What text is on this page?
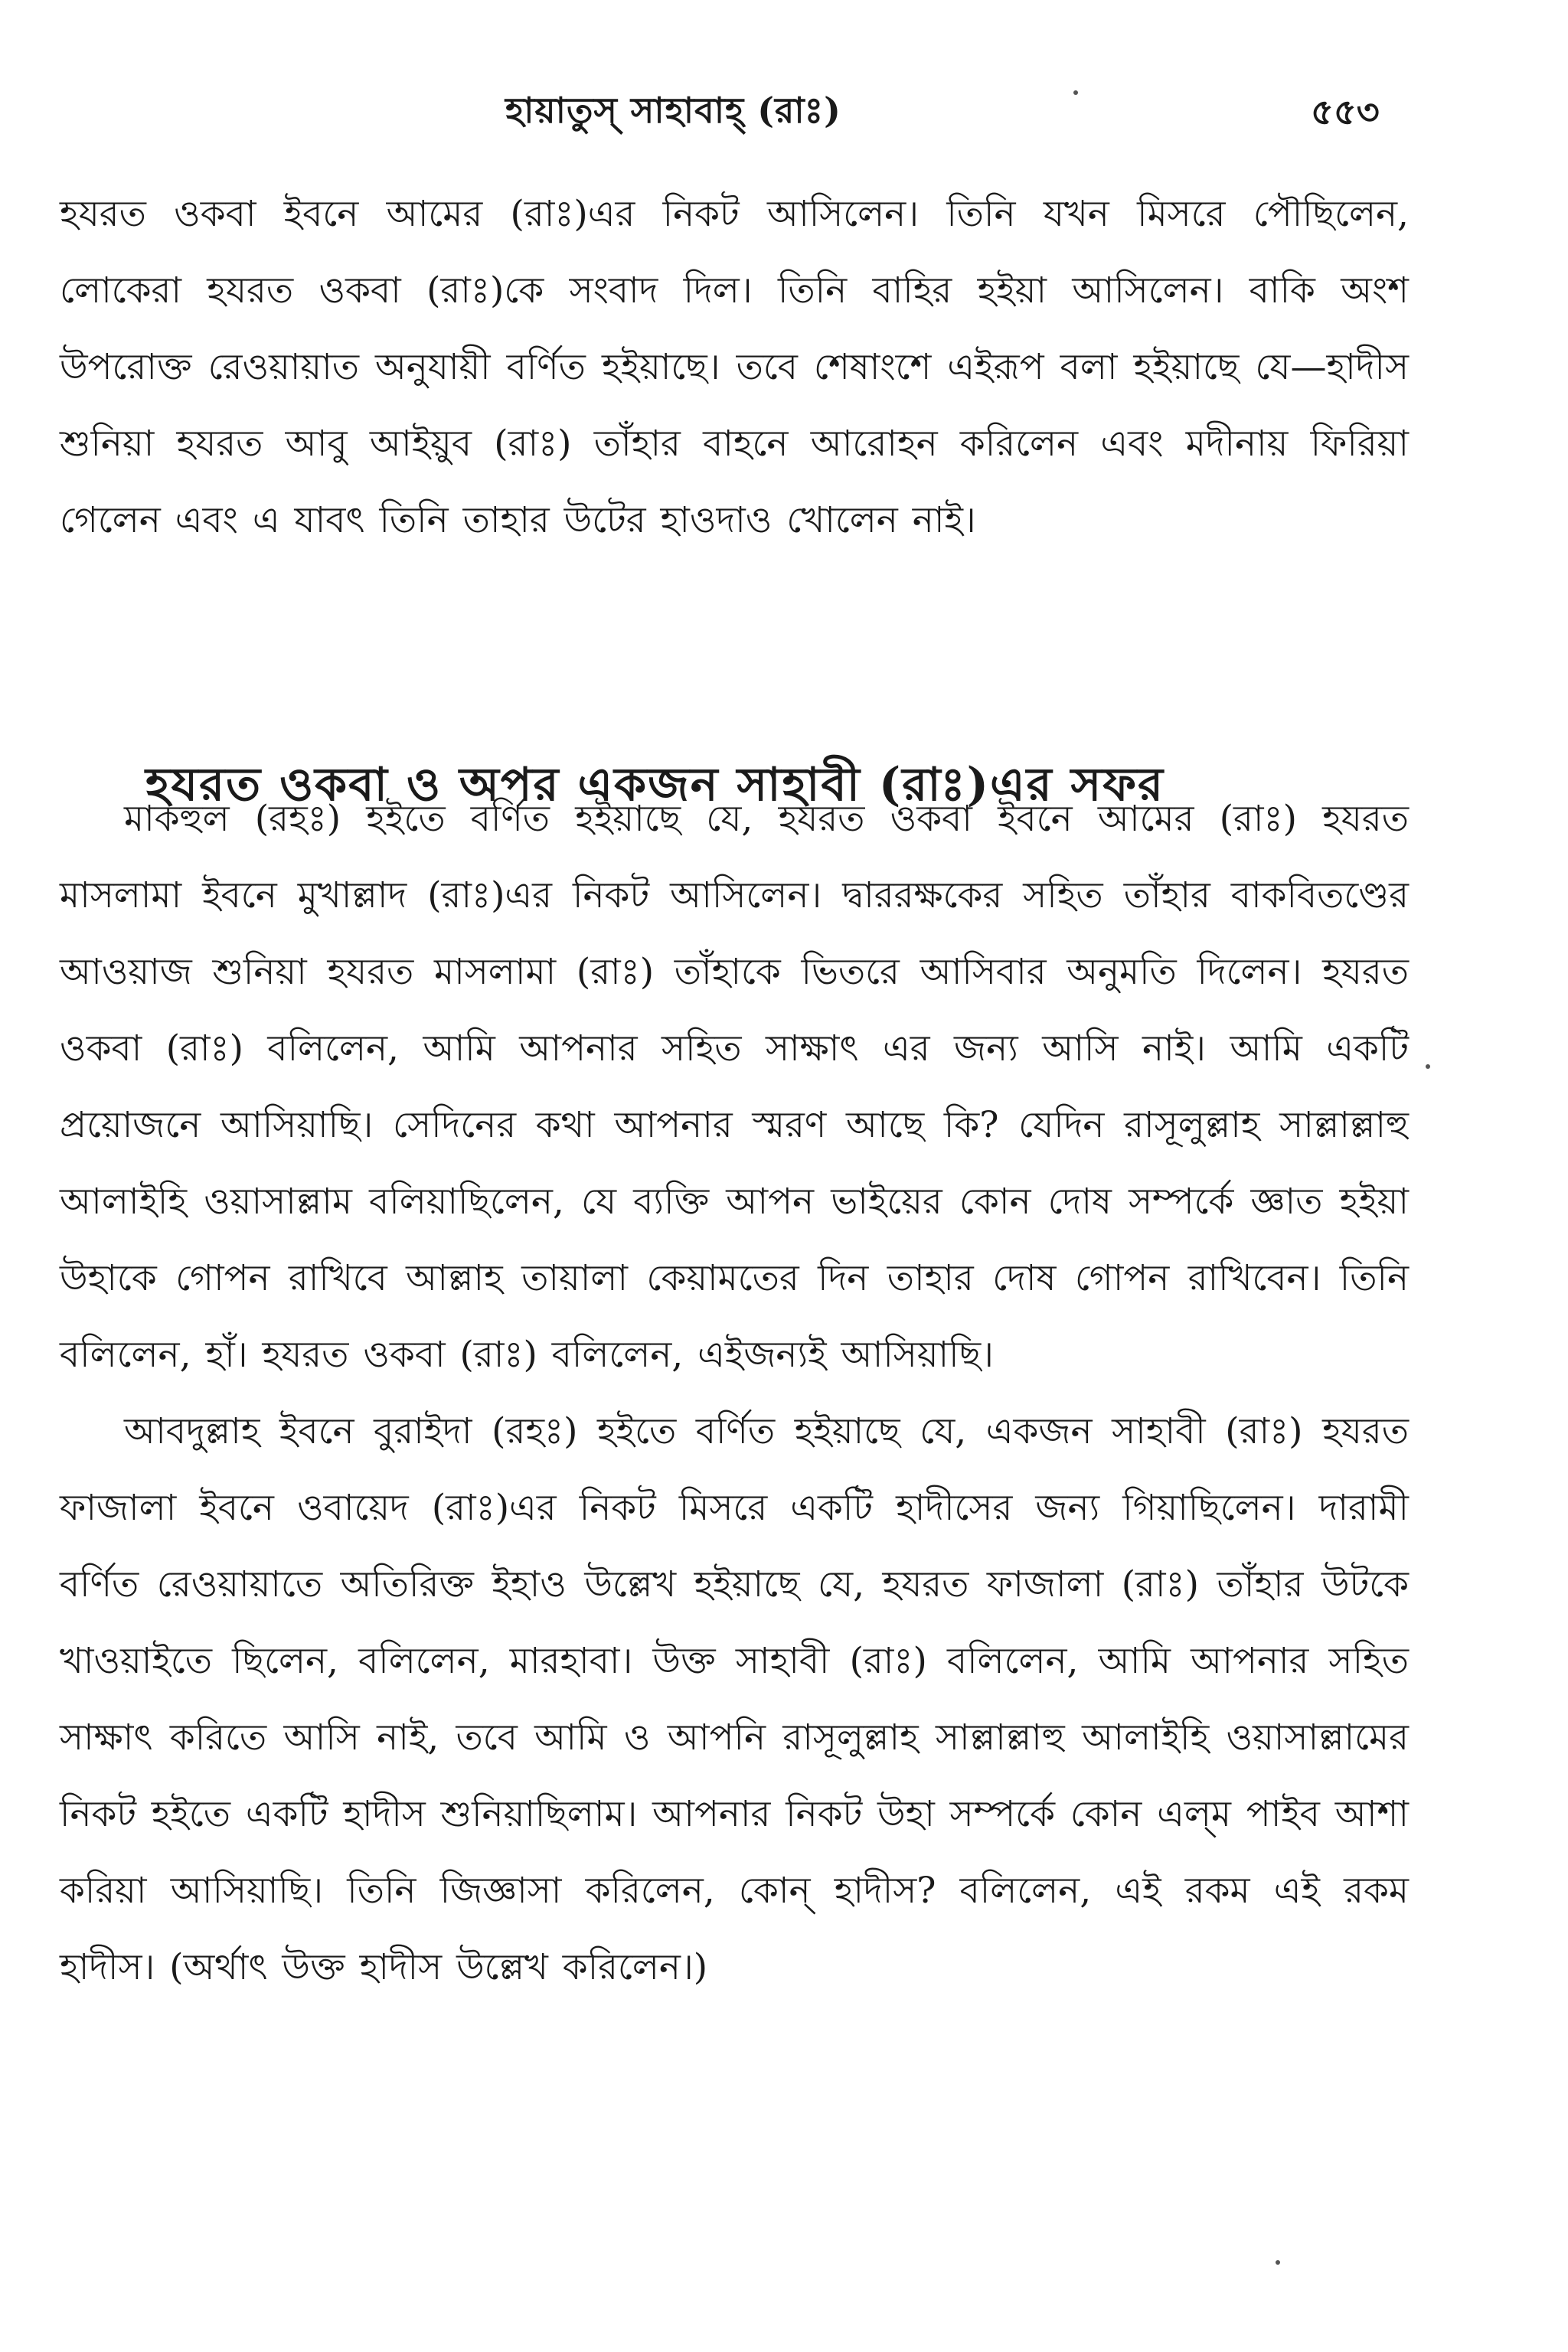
হায়াতুস্ সাহাবাহ্ (রাঃ)	৫৫৩

হযরত ওকবা ইবনে আমের (রাঃ)এর নিকট আসিলেন। তিনি যখন মিসরে পৌছিলেন, লোকেরা হযরত ওকবা (রাঃ)কে সংবাদ দিল। তিনি বাহির হইয়া আসিলেন। বাকি অংশ উপরোক্ত রেওয়ায়াত অনুযায়ী বর্ণিত হইয়াছে। তবে শেষাংশে এইরূপ বলা হইয়াছে যে—হাদীস শুনিয়া হযরত আবু আইয়ুব (রাঃ) তাঁহার বাহনে আরোহন করিলেন এবং মদীনায় ফিরিয়া গেলেন এবং এ যাবৎ তিনি তাহার উটের হাওদাও খোলেন নাই।

হযরত ওকবা ও অপর একজন সাহাবী (রাঃ)এর সফর

মাকহুল (রহঃ) হইতে বর্ণিত হইয়াছে যে, হযরত ওকবা ইবনে আমের (রাঃ) হযরত মাসলামা ইবনে মুখাল্লাদ (রাঃ)এর নিকট আসিলেন। দ্বাররক্ষকের সহিত তাঁহার বাকবিতণ্ডের আওয়াজ শুনিয়া হযরত মাসলামা (রাঃ) তাঁহাকে ভিতরে আসিবার অনুমতি দিলেন। হযরত ওকবা (রাঃ) বলিলেন, আমি আপনার সহিত সাক্ষাৎ এর জন্য আসি নাই। আমি একটি প্রয়োজনে আসিয়াছি। সেদিনের কথা আপনার স্মরণ আছে কি? যেদিন রাসূলুল্লাহ সাল্লাল্লাহু আলাইহি ওয়াসাল্লাম বলিয়াছিলেন, যে ব্যক্তি আপন ভাইয়ের কোন দোষ সম্পর্কে জ্ঞাত হইয়া উহাকে গোপন রাখিবে আল্লাহ তায়ালা কেয়ামতের দিন তাহার দোষ গোপন রাখিবেন। তিনি বলিলেন, হাঁ। হযরত ওকবা (রাঃ) বলিলেন, এইজন্যই আসিয়াছি।

আবদুল্লাহ ইবনে বুরাইদা (রহঃ) হইতে বর্ণিত হইয়াছে যে, একজন সাহাবী (রাঃ) হযরত ফাজালা ইবনে ওবায়েদ (রাঃ)এর নিকট মিসরে একটি হাদীসের জন্য গিয়াছিলেন। দারামী বর্ণিত রেওয়ায়াতে অতিরিক্ত ইহাও উল্লেখ হইয়াছে যে, হযরত ফাজালা (রাঃ) তাঁহার উটকে খাওয়াইতে ছিলেন, বলিলেন, মারহাবা। উক্ত সাহাবী (রাঃ) বলিলেন, আমি আপনার সহিত সাক্ষাৎ করিতে আসি নাই, তবে আমি ও আপনি রাসূলুল্লাহ সাল্লাল্লাহু আলাইহি ওয়াসাল্লামের নিকট হইতে একটি হাদীস শুনিয়াছিলাম। আপনার নিকট উহা সম্পর্কে কোন এল্‌ম পাইব আশা করিয়া আসিয়াছি। তিনি জিজ্ঞাসা করিলেন, কোন্ হাদীস? বলিলেন, এই রকম এই রকম হাদীস। (অর্থাৎ উক্ত হাদীস উল্লেখ করিলেন।)
